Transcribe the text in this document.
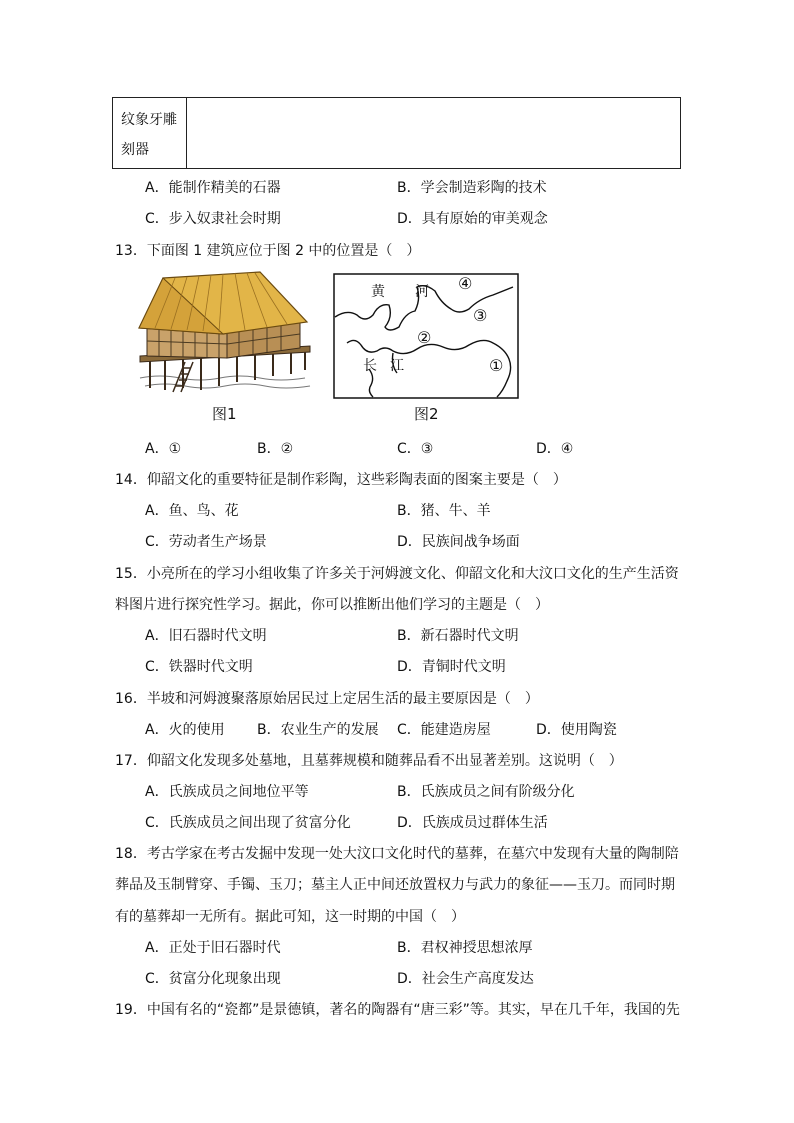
纹象牙雕
刻器
A．能制作精美的石器	B．学会制造彩陶的技术
C．步入奴隶社会时期	D．具有原始的审美观念
13．下面图 1 建筑应位于图 2 中的位置是（　）
图1
黄 河 ④
③
②
长 江	①
图2
A．①	B．②	C．③	D．④
14．仰韶文化的重要特征是制作彩陶，这些彩陶表面的图案主要是（　）
A．鱼、鸟、花	B．猪、牛、羊
C．劳动者生产场景	D．民族间战争场面
15．小亮所在的学习小组收集了许多关于河姆渡文化、仰韶文化和大汶口文化的生产生活资
料图片进行探究性学习。据此，你可以推断出他们学习的主题是（　）
A．旧石器时代文明	B．新石器时代文明
C．铁器时代文明	D．青铜时代文明
16．半坡和河姆渡聚落原始居民过上定居生活的最主要原因是（　）
A．火的使用 B．农业生产的发展 C．能建造房屋	D．使用陶瓷
17．仰韶文化发现多处墓地，且墓葬规模和随葬品看不出显著差别。这说明（　）
A．氏族成员之间地位平等	B．氏族成员之间有阶级分化
C．氏族成员之间出现了贫富分化	D．氏族成员过群体生活
18．考古学家在考古发掘中发现一处大汶口文化时代的墓葬，在墓穴中发现有大量的陶制陪
葬品及玉制臂穿、手镯、玉刀；墓主人正中间还放置权力与武力的象征——玉刀。而同时期
有的墓葬却一无所有。据此可知，这一时期的中国（　）
A．正处于旧石器时代	B．君权神授思想浓厚
C．贫富分化现象出现	D．社会生产高度发达
19．中国有名的“瓷都”是景德镇，著名的陶器有“唐三彩”等。其实，早在几千年，我国的先
